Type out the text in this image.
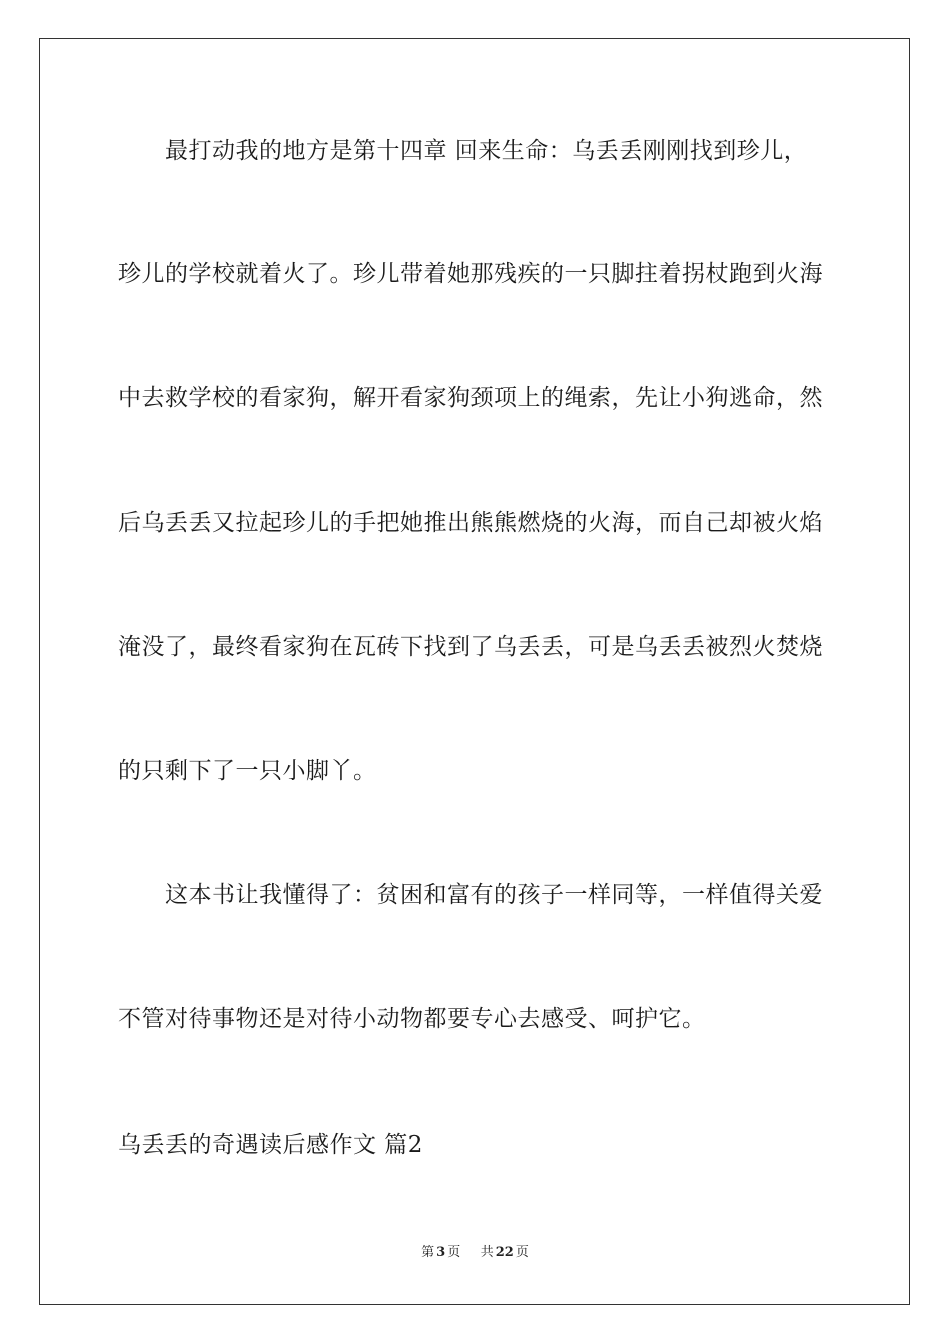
最打动我的地方是第十四章 回来生命：乌丢丢刚刚找到珍儿，
珍儿的学校就着火了。珍儿带着她那残疾的一只脚拄着拐杖跑到火海
中去救学校的看家狗，解开看家狗颈项上的绳索，先让小狗逃命，然
后乌丢丢又拉起珍儿的手把她推出熊熊燃烧的火海，而自己却被火焰
淹没了，最终看家狗在瓦砖下找到了乌丢丢，可是乌丢丢被烈火焚烧
的只剩下了一只小脚丫。
这本书让我懂得了：贫困和富有的孩子一样同等，一样值得关爱
不管对待事物还是对待小动物都要专心去感受、呵护它。
乌丢丢的奇遇读后感作文 篇2
第 3 页 共 22 页
